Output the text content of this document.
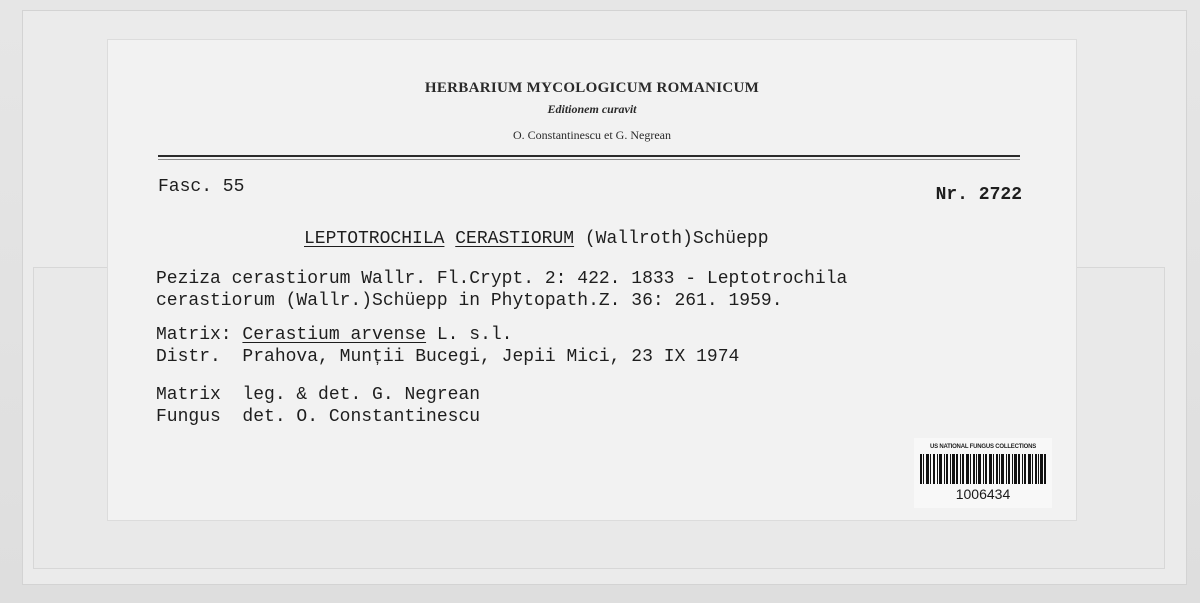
HERBARIUM MYCOLOGICUM ROMANICUM
Editionem curavit
O. Constantinescu et G. Negrean
Fasc. 55	Nr. 2722
LEPTOTROCHILA CERASTIORUM (Wallroth)Schüepp
Peziza cerastiorum Wallr. Fl.Crypt. 2: 422. 1833 - Leptotrochila
cerastiorum (Wallr.)Schüepp in Phytopath.Z. 36: 261. 1959.
Matrix: Cerastium arvense L. s.l.
Distr.  Prahova, Munții Bucegi, Jepii Mici, 23 IX 1974
Matrix  leg. & det. G. Negrean
Fungus  det. O. Constantinescu
US NATIONAL FUNGUS COLLECTIONS
1006434
